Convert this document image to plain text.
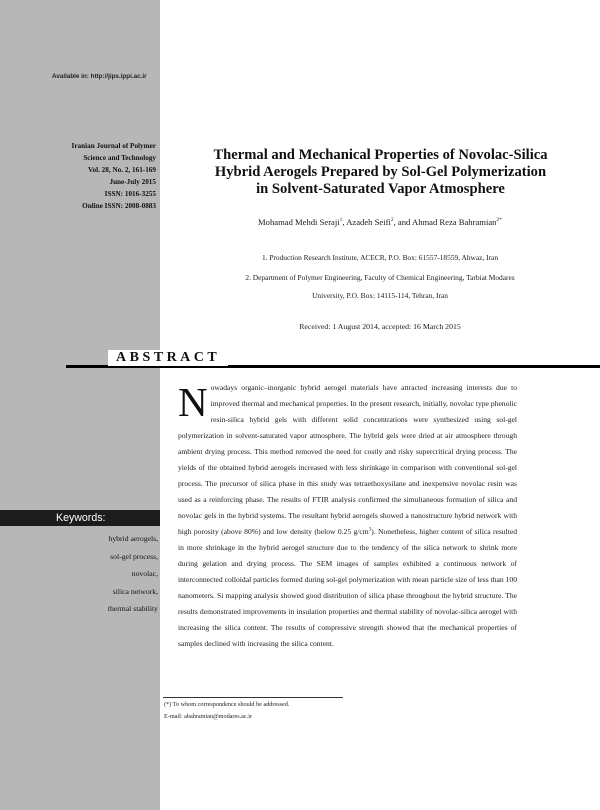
Available in: http://jips.ippi.ac.ir
Iranian Journal of Polymer
Science and Technology
Vol. 28, No. 2, 161-169
June-July 2015
ISSN: 1016-3255
Online ISSN: 2008-0883
Thermal and Mechanical Properties of Novolac-Silica
Hybrid Aerogels Prepared by Sol-Gel Polymerization
in Solvent-Saturated Vapor Atmosphere
Mohamad Mehdi Seraji$^1$, Azadeh Seifi$^2$, and Ahmad Reza Bahramian$^{2*}$
1. Production Research Institute, ACECR, P.O. Box: 61557-18559, Ahwaz, Iran
2. Department of Polymer Engineering, Faculty of Chemical Engineering, Tarbiat Modares
University, P.O. Box: 14115-114, Tehran, Iran
Received: 1 August 2014, accepted: 16 March 2015
ABSTRACT
Keywords:
hybrid aerogels,
sol-gel process,
novolac,
silica network,
thermal stability
Nowadays organic–inorganic hybrid aerogel materials have attracted increasing interests due to improved thermal and mechanical properties. In the present research, initially, novolac type phenolic resin-silica hybrid gels with different solid concentrations were synthesized using sol-gel polymerization in solvent-saturated vapor atmosphere. The hybrid gels were dried at air atmosphere through ambient drying process. This method removed the need for costly and risky supercritical drying process. The yields of the obtained hybrid aerogels increased with less shrinkage in comparison with conventional sol-gel process. The precursor of silica phase in this study was tetraethoxysilane and inexpensive novolac resin was used as a reinforcing phase. The results of FTIR analysis confirmed the simultaneous formation of silica and novolac gels in the hybrid systems. The resultant hybrid aerogels showed a nanostructure hybrid network with high porosity (above 80%) and low density (below 0.25 $g/cm^3$). Nonetheless, higher content of silica resulted in more shrinkage in the hybrid aerogel structure due to the tendency of the silica network to shrink more during gelation and drying process. The SEM images of samples exhibited a continuous network of interconnected colloidal particles formed during sol-gel polymerization with mean particle size of less than 100 nanometers. Si mapping analysis showed good distribution of silica phase throughout the hybrid structure. The results demonstrated improvements in insulation properties and thermal stability of novolac-silica aerogel with increasing the silica content. The results of compressive strength showed that the mechanical properties of samples declined with increasing the silica content.
(*) To whom correspondence should be addressed.
E-mail: abahramian@modares.ac.ir
